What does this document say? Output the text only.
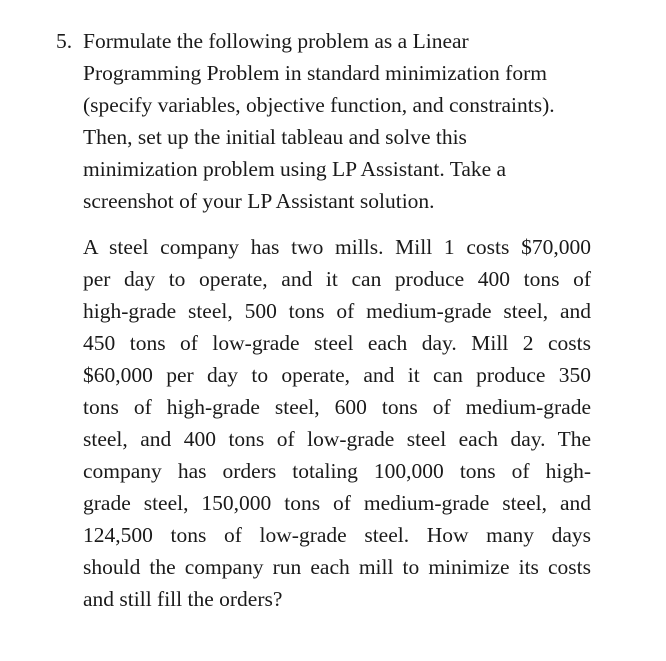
5. Formulate the following problem as a Linear
Programming Problem in standard minimization form
(specify variables, objective function, and constraints).
Then, set up the initial tableau and solve this
minimization problem using LP Assistant. Take a
screenshot of your LP Assistant solution.
A steel company has two mills. Mill 1 costs $70,000
per day to operate, and it can produce 400 tons of
high-grade steel, 500 tons of medium-grade steel, and
450 tons of low-grade steel each day. Mill 2 costs
$60,000 per day to operate, and it can produce 350
tons of high-grade steel, 600 tons of medium-grade
steel, and 400 tons of low-grade steel each day. The
company has orders totaling 100,000 tons of high-
grade steel, 150,000 tons of medium-grade steel, and
124,500 tons of low-grade steel. How many days
should the company run each mill to minimize its costs
and still fill the orders?
